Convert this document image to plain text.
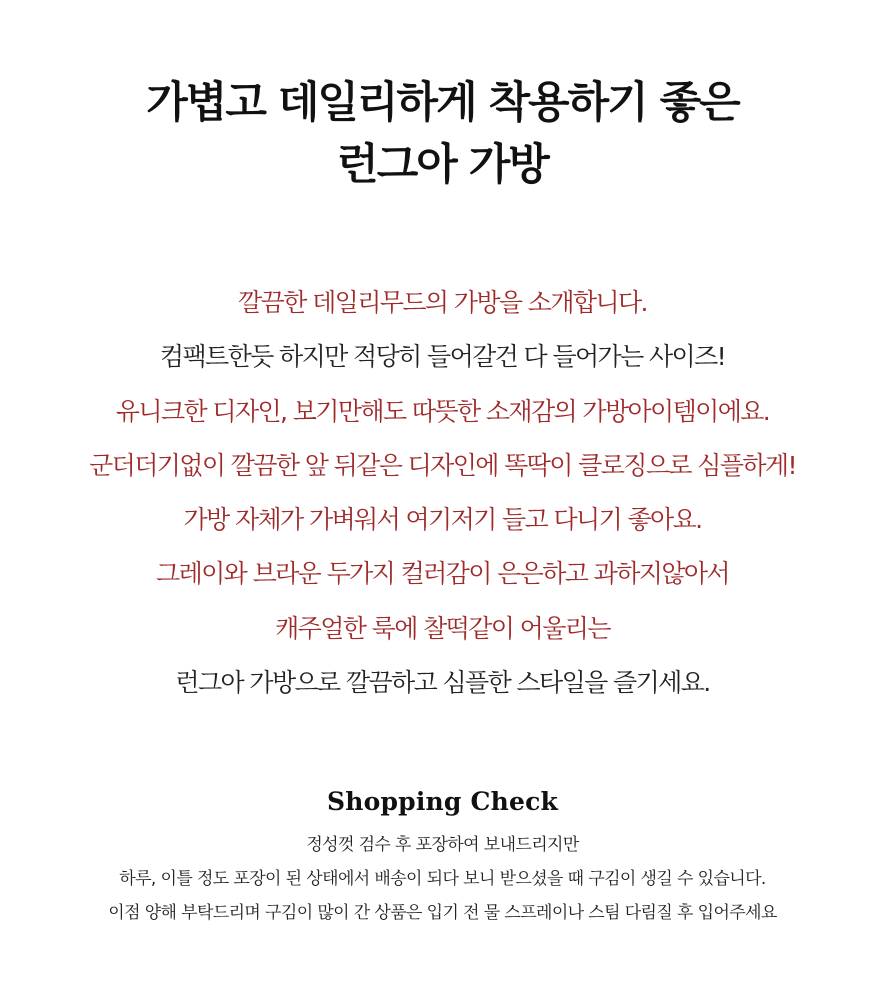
가볍고 데일리하게 착용하기 좋은
런그아 가방
깔끔한 데일리무드의 가방을 소개합니다.
컴팩트한듯 하지만 적당히 들어갈건 다 들어가는 사이즈!
유니크한 디자인, 보기만해도 따뜻한 소재감의 가방아이템이에요.
군더더기없이 깔끔한 앞 뒤같은 디자인에 똑딱이 클로징으로 심플하게!
가방 자체가 가벼워서 여기저기 들고 다니기 좋아요.
그레이와 브라운 두가지 컬러감이 은은하고 과하지않아서
캐주얼한 룩에 찰떡같이 어울리는
런그아 가방으로 깔끔하고 심플한 스타일을 즐기세요.
Shopping Check
정성껏 검수 후 포장하여 보내드리지만
하루, 이틀 정도 포장이 된 상태에서 배송이 되다 보니 받으셨을 때 구김이 생길 수 있습니다.
이점 양해 부탁드리며 구김이 많이 간 상품은 입기 전 물 스프레이나 스팀 다림질 후 입어주세요
